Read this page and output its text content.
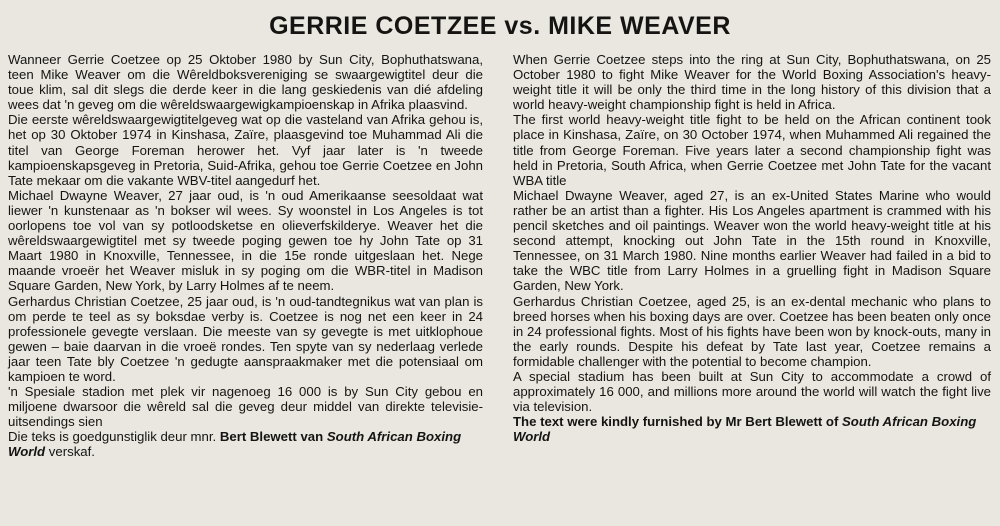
GERRIE COETZEE vs. MIKE WEAVER

Wanneer Gerrie Coetzee op 25 Oktober 1980 by Sun City, Bophuthatswana, teen Mike Weaver om die Wêreldboksvereniging se swaargewigtitel deur die toue klim, sal dit slegs die derde keer in die lang geskiedenis van dié afdeling wees dat 'n geveg om die wêreldswaargewigkampioenskap in Afrika plaasvind.

Die eerste wêreldswaargewigtitelgeveg wat op die vasteland van Afrika gehou is, het op 30 Oktober 1974 in Kinshasa, Zaïre, plaasgevind toe Muhammad Ali die titel van George Foreman herower het. Vyf jaar later is 'n tweede kampioenskapsgeveg in Pretoria, Suid-Afrika, gehou toe Gerrie Coetzee en John Tate mekaar om die vakante WBV-titel aangedurf het.

Michael Dwayne Weaver, 27 jaar oud, is 'n oud Amerikaanse seesoldaat wat liewer 'n kunstenaar as 'n bokser wil wees. Sy woonstel in Los Angeles is tot oorlopens toe vol van sy potloodsketse en olieverfskilderye. Weaver het die wêreldswaargewigtitel met sy tweede poging gewen toe hy John Tate op 31 Maart 1980 in Knoxville, Tennessee, in die 15e ronde uitgeslaan het. Nege maande vroeër het Weaver misluk in sy poging om die WBR-titel in Madison Square Garden, New York, by Larry Holmes af te neem.

Gerhardus Christian Coetzee, 25 jaar oud, is 'n oud-tandtegnikus wat van plan is om perde te teel as sy boksdae verby is. Coetzee is nog net een keer in 24 professionele gevegte verslaan. Die meeste van sy gevegte is met uitklophoue gewen – baie daarvan in die vroeë rondes. Ten spyte van sy nederlaag verlede jaar teen Tate bly Coetzee 'n gedugte aanspraakmaker met die potensiaal om kampioen te word.

'n Spesiale stadion met plek vir nagenoeg 16 000 is by Sun City gebou en miljoene dwarsoor die wêreld sal die geveg deur middel van direkte televisie-uitsendings sien

Die teks is goedgunstiglik deur mnr. Bert Blewett van South African Boxing World verskaf.

When Gerrie Coetzee steps into the ring at Sun City, Bophuthatswana, on 25 October 1980 to fight Mike Weaver for the World Boxing Association's heavy-weight title it will be only the third time in the long history of this division that a world heavy-weight championship fight is held in Africa.

The first world heavy-weight title fight to be held on the African continent took place in Kinshasa, Zaïre, on 30 October 1974, when Muhammed Ali regained the title from George Foreman. Five years later a second championship fight was held in Pretoria, South Africa, when Gerrie Coetzee met John Tate for the vacant WBA title

Michael Dwayne Weaver, aged 27, is an ex-United States Marine who would rather be an artist than a fighter. His Los Angeles apartment is crammed with his pencil sketches and oil paintings. Weaver won the world heavy-weight title at his second attempt, knocking out John Tate in the 15th round in Knoxville, Tennessee, on 31 March 1980. Nine months earlier Weaver had failed in a bid to take the WBC title from Larry Holmes in a gruelling fight in Madison Square Garden, New York.

Gerhardus Christian Coetzee, aged 25, is an ex-dental mechanic who plans to breed horses when his boxing days are over. Coetzee has been beaten only once in 24 professional fights. Most of his fights have been won by knock-outs, many in the early rounds. Despite his defeat by Tate last year, Coetzee remains a formidable challenger with the potential to become champion.

A special stadium has been built at Sun City to accommodate a crowd of approximately 16 000, and millions more around the world will watch the fight live via television.

The text were kindly furnished by Mr Bert Blewett of South African Boxing World
